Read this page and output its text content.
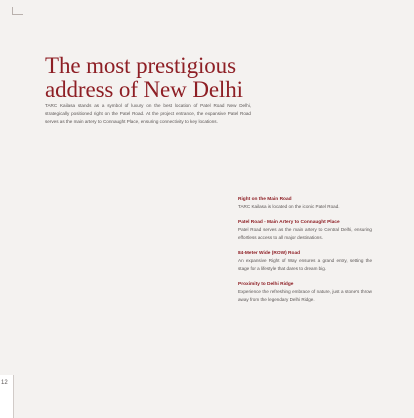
The most prestigious address of New Delhi
TARC Kailasa stands as a symbol of luxury on the best location of Patel Road New Delhi, strategically positioned right on the Patel Road. At the project entrance, the expansive Patel Road serves as the main artery to Connaught Place, ensuring connectivity to key locations.
Right on the Main Road
TARC Kailasa is located on the iconic Patel Road.
Patel Road - Main Artery to Connaught Place
Patel Road serves as the main artery to Central Delhi, ensuring effortless access to all major destinations.
84-Meter Wide (ROW) Road
An expansive Right of Way ensures a grand entry, setting the stage for a lifestyle that dares to dream big.
Proximity to Delhi Ridge
Experience the refreshing embrace of nature, just a stone's throw away from the legendary Delhi Ridge.
12
